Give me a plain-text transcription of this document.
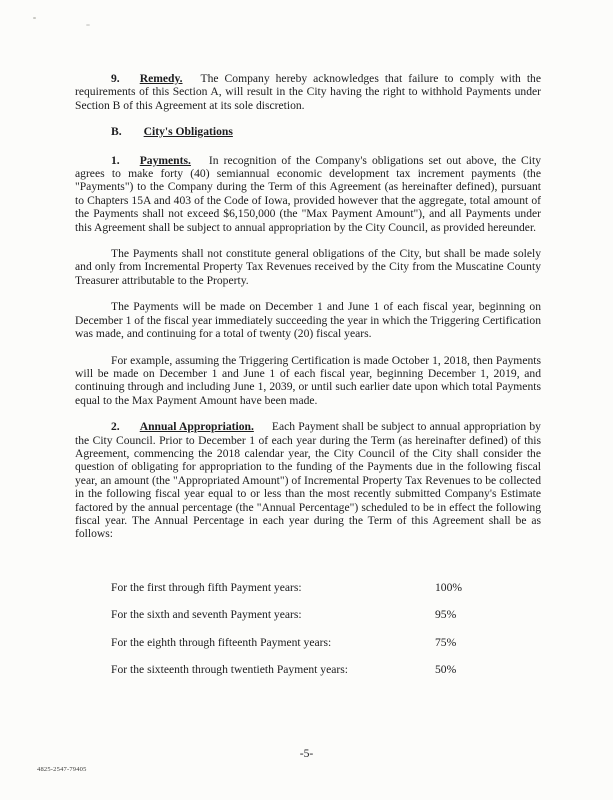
9. Remedy. The Company hereby acknowledges that failure to comply with the requirements of this Section A, will result in the City having the right to withhold Payments under Section B of this Agreement at its sole discretion.

B. City's Obligations

1. Payments. In recognition of the Company's obligations set out above, the City agrees to make forty (40) semiannual economic development tax increment payments (the "Payments") to the Company during the Term of this Agreement (as hereinafter defined), pursuant to Chapters 15A and 403 of the Code of Iowa, provided however that the aggregate, total amount of the Payments shall not exceed $6,150,000 (the "Max Payment Amount"), and all Payments under this Agreement shall be subject to annual appropriation by the City Council, as provided hereunder.

The Payments shall not constitute general obligations of the City, but shall be made solely and only from Incremental Property Tax Revenues received by the City from the Muscatine County Treasurer attributable to the Property.

The Payments will be made on December 1 and June 1 of each fiscal year, beginning on December 1 of the fiscal year immediately succeeding the year in which the Triggering Certification was made, and continuing for a total of twenty (20) fiscal years.

For example, assuming the Triggering Certification is made October 1, 2018, then Payments will be made on December 1 and June 1 of each fiscal year, beginning December 1, 2019, and continuing through and including June 1, 2039, or until such earlier date upon which total Payments equal to the Max Payment Amount have been made.

2. Annual Appropriation. Each Payment shall be subject to annual appropriation by the City Council. Prior to December 1 of each year during the Term (as hereinafter defined) of this Agreement, commencing the 2018 calendar year, the City Council of the City shall consider the question of obligating for appropriation to the funding of the Payments due in the following fiscal year, an amount (the "Appropriated Amount") of Incremental Property Tax Revenues to be collected in the following fiscal year equal to or less than the most recently submitted Company's Estimate factored by the annual percentage (the "Annual Percentage") scheduled to be in effect the following fiscal year. The Annual Percentage in each year during the Term of this Agreement shall be as follows:

For the first through fifth Payment years:	100%
For the sixth and seventh Payment years:	95%
For the eighth through fifteenth Payment years:	75%
For the sixteenth through twentieth Payment years:	50%
-5-
4825-2547-79405
